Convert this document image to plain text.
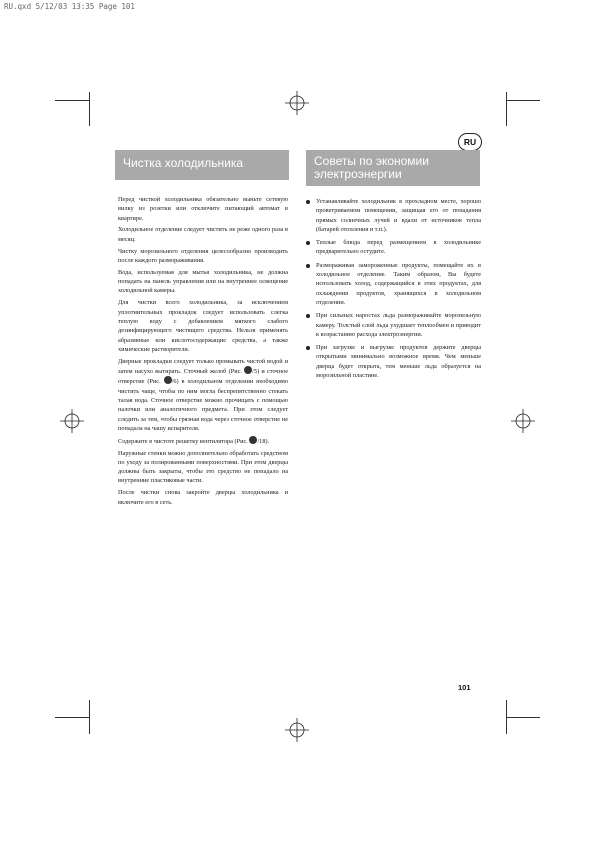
RU.qxd 5/12/03 13:35 Page 101
RU
Чистка холодильника	Советы по экономии
электроэнергии

Перед чисткой холодильника обязательно выньте сетевую вилку из розетки или отключите питающий автомат в квартире.

Холодильное отделение следует чистить не реже одного раза в месяц.

Чистку морозильного отделения целесообразно производить после каждого размораживания.

Вода, используемая для мытья холодильника, не должна попадать на панель управления или на внутреннее освещение холодильной камеры.

Для чистки всего холодильника, за исключением уплотнительных прокладок следует использовать слегка теплую воду с добавлением мягкого слабого дезинфицирующего чистящего средства. Нельзя применять абразивные или кислотосодержащие средства, а также химические растворители.

Дверные прокладки следует только промывать чистой водой и затем насухо вытирать. Сточный желоб (Рис. /5) и сточное отверстие (Рис. /6) в холодильном отделении необходимо чистить чаще, чтобы по ним могла беспрепятственно стекать талая вода. Сточное отверстие можно прочищать с помощью палочки или аналогичного предмета. При этом следует следить за тем, чтобы грязная вода через сточное отверстие не попадала на чашу испарителя.

Содержите в чистоте решетку вентилятора (Рис. /18).

Наружные стенки можно дополнительно обработать средством по уходу за полированными поверхностями. При этом дверцы должны быть закрыты, чтобы это средство не попадало на внутренние пластиковые части.

После чистки снова закройте дверцы холодильника и включите его в сеть.

Устанавливайте холодильник в прохладном месте, хорошо проветриваемом помещении, защищая его от попадания прямых солнечных лучей и вдали от источников тепла (батарей отопления и т.п.).
Теплые блюда перед размещением в холодильнике предварительно остудите.
Размораживая замороженные продукты, помещайте их в холодильное отделение. Таким образом, Вы будете использовать холод, содержащийся в этих продуктах, для охлаждения продуктов, хранящихся в холодильном отделении.
При сильных наростах льда размораживайте морозильную камеру. Толстый слой льда ухудшает теплообмен и приводит к возрастанию расхода электроэнергии.
При загрузке и выгрузке продуктов держите дверцы открытыми минимально возможное время. Чем меньше дверца будет открыта, тем меньше льда образуется на морозильной пластине.
101
